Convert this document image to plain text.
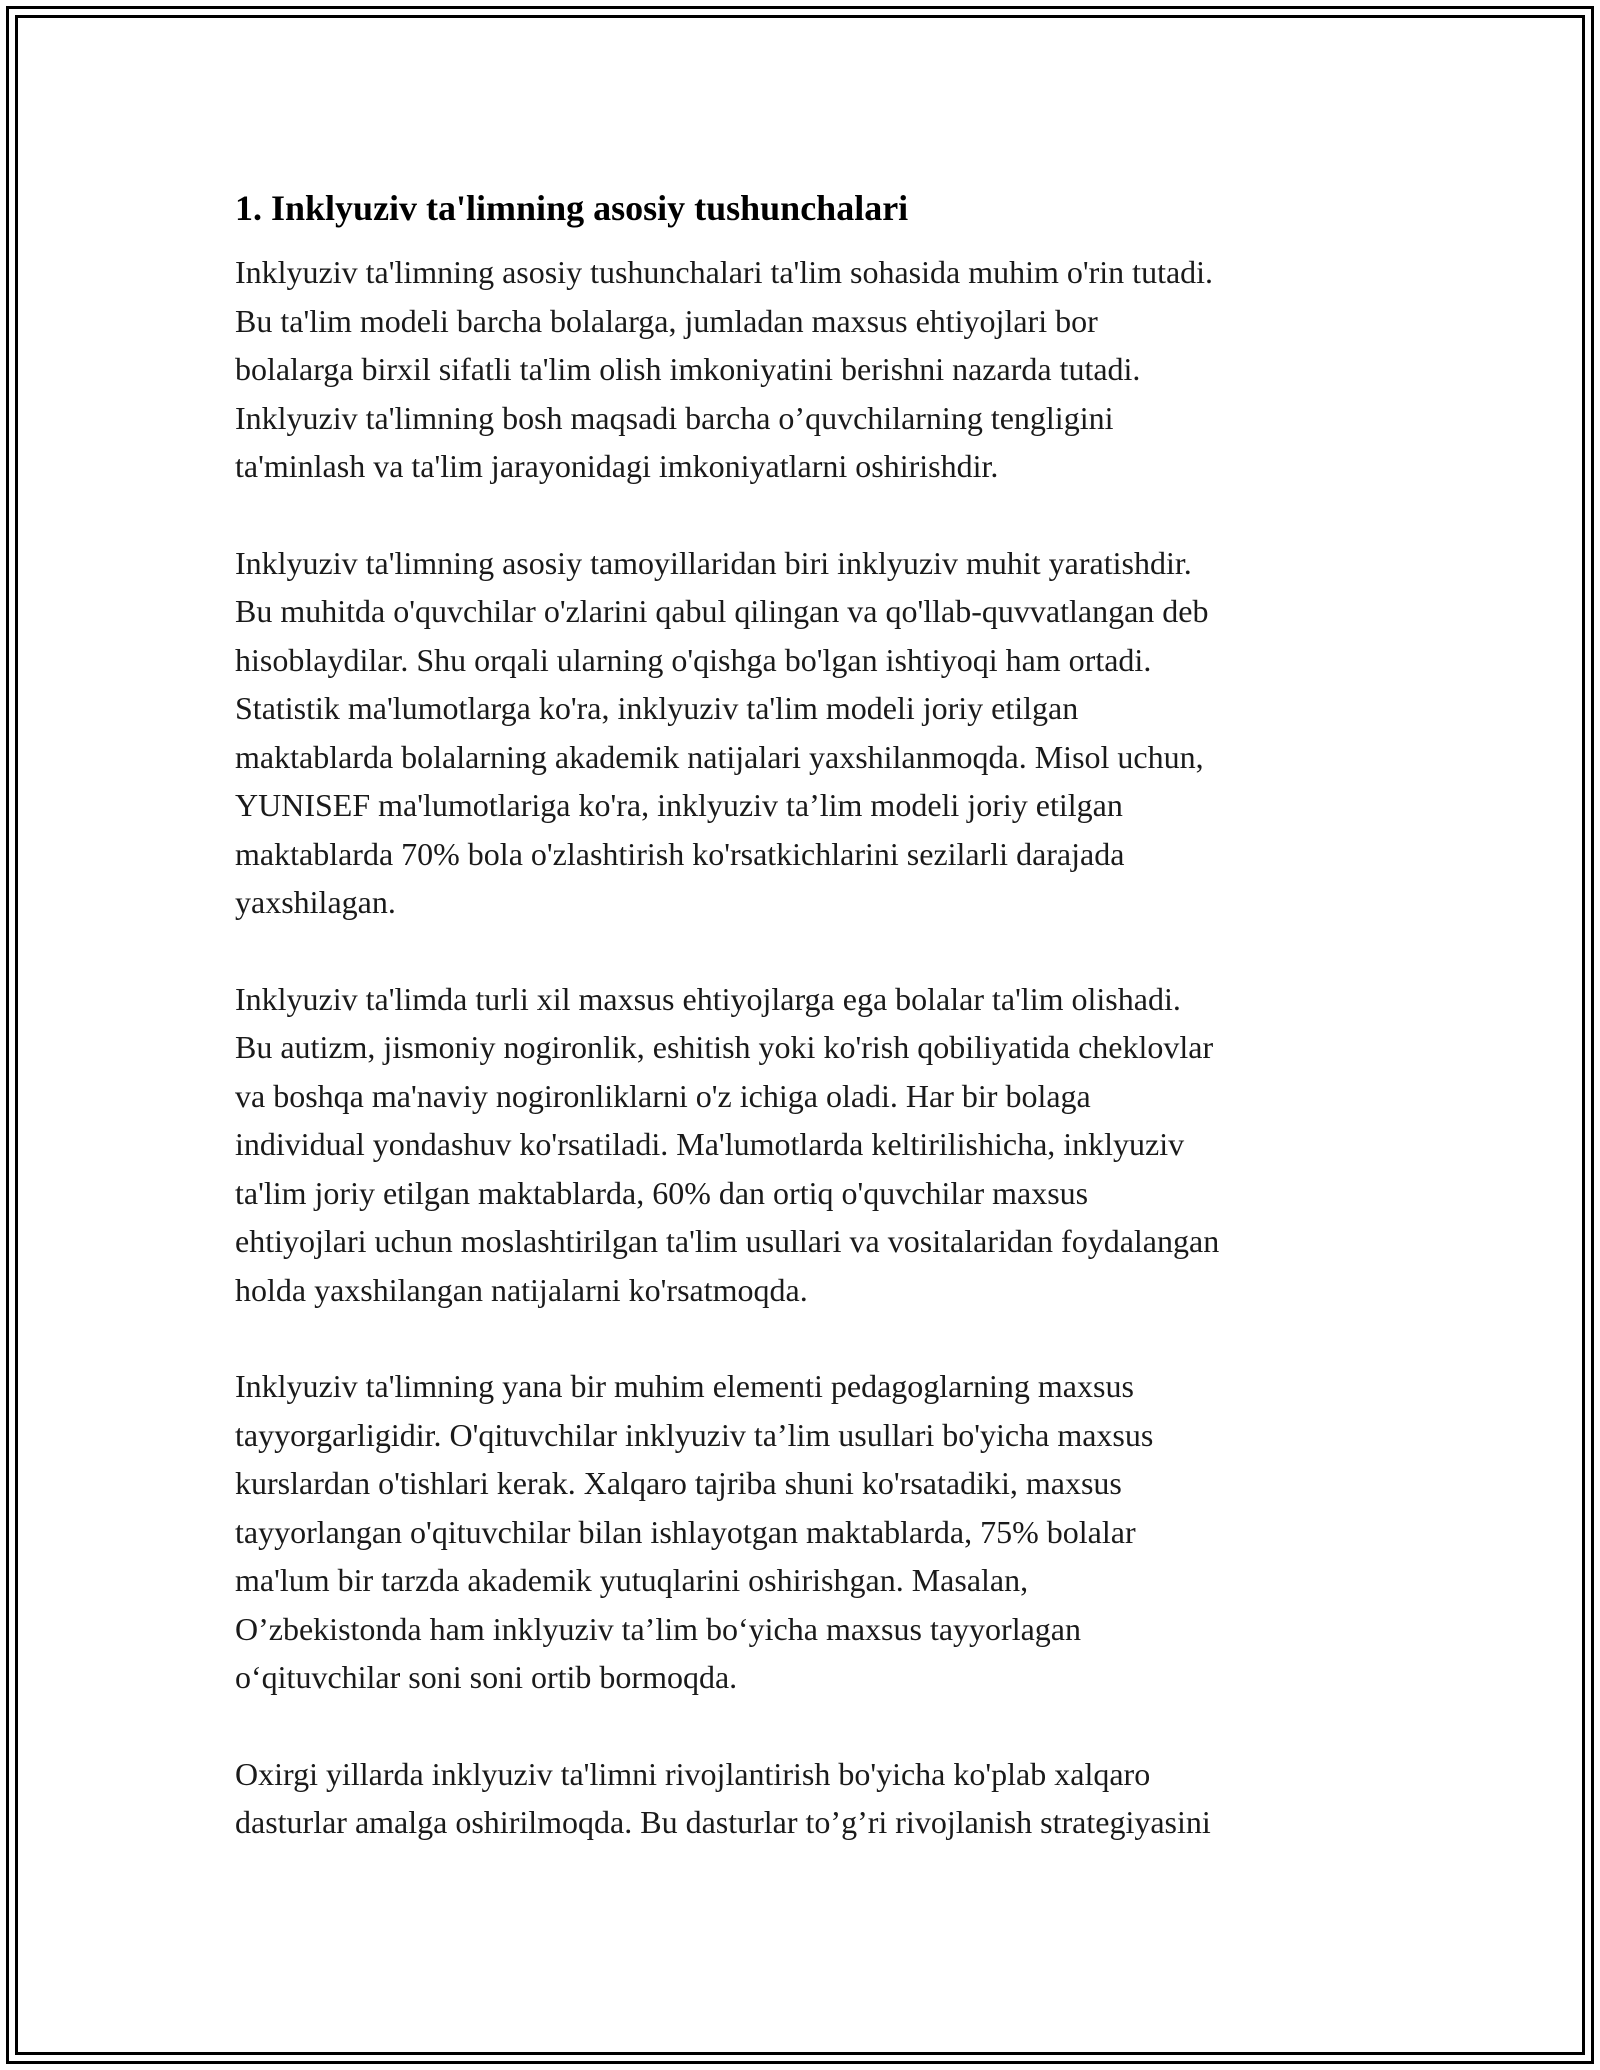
1. Inklyuziv ta'limning asosiy tushunchalari

Inklyuziv ta'limning asosiy tushunchalari ta'lim sohasida muhim o'rin tutadi.
Bu ta'lim modeli barcha bolalarga, jumladan maxsus ehtiyojlari bor
bolalarga birxil sifatli ta'lim olish imkoniyatini berishni nazarda tutadi.
Inklyuziv ta'limning bosh maqsadi barcha o’quvchilarning tengligini
ta'minlash va ta'lim jarayonidagi imkoniyatlarni oshirishdir.

Inklyuziv ta'limning asosiy tamoyillaridan biri inklyuziv muhit yaratishdir.
Bu muhitda o'quvchilar o'zlarini qabul qilingan va qo'llab-quvvatlangan deb
hisoblaydilar. Shu orqali ularning o'qishga bo'lgan ishtiyoqi ham ortadi.
Statistik ma'lumotlarga ko'ra, inklyuziv ta'lim modeli joriy etilgan
maktablarda bolalarning akademik natijalari yaxshilanmoqda. Misol uchun,
YUNISEF ma'lumotlariga ko'ra, inklyuziv ta’lim modeli joriy etilgan
maktablarda 70% bola o'zlashtirish ko'rsatkichlarini sezilarli darajada
yaxshilagan.

Inklyuziv ta'limda turli xil maxsus ehtiyojlarga ega bolalar ta'lim olishadi.
Bu autizm, jismoniy nogironlik, eshitish yoki ko'rish qobiliyatida cheklovlar
va boshqa ma'naviy nogironliklarni o'z ichiga oladi. Har bir bolaga
individual yondashuv ko'rsatiladi. Ma'lumotlarda keltirilishicha, inklyuziv
ta'lim joriy etilgan maktablarda, 60% dan ortiq o'quvchilar maxsus
ehtiyojlari uchun moslashtirilgan ta'lim usullari va vositalaridan foydalangan
holda yaxshilangan natijalarni ko'rsatmoqda.

Inklyuziv ta'limning yana bir muhim elementi pedagoglarning maxsus
tayyorgarligidir. O'qituvchilar inklyuziv ta’lim usullari bo'yicha maxsus
kurslardan o'tishlari kerak. Xalqaro tajriba shuni ko'rsatadiki, maxsus
tayyorlangan o'qituvchilar bilan ishlayotgan maktablarda, 75% bolalar
ma'lum bir tarzda akademik yutuqlarini oshirishgan. Masalan,
O’zbekistonda ham inklyuziv ta’lim bo‘yicha maxsus tayyorlagan
o‘qituvchilar soni soni ortib bormoqda.

Oxirgi yillarda inklyuziv ta'limni rivojlantirish bo'yicha ko'plab xalqaro
dasturlar amalga oshirilmoqda. Bu dasturlar to’g’ri rivojlanish strategiyasini
